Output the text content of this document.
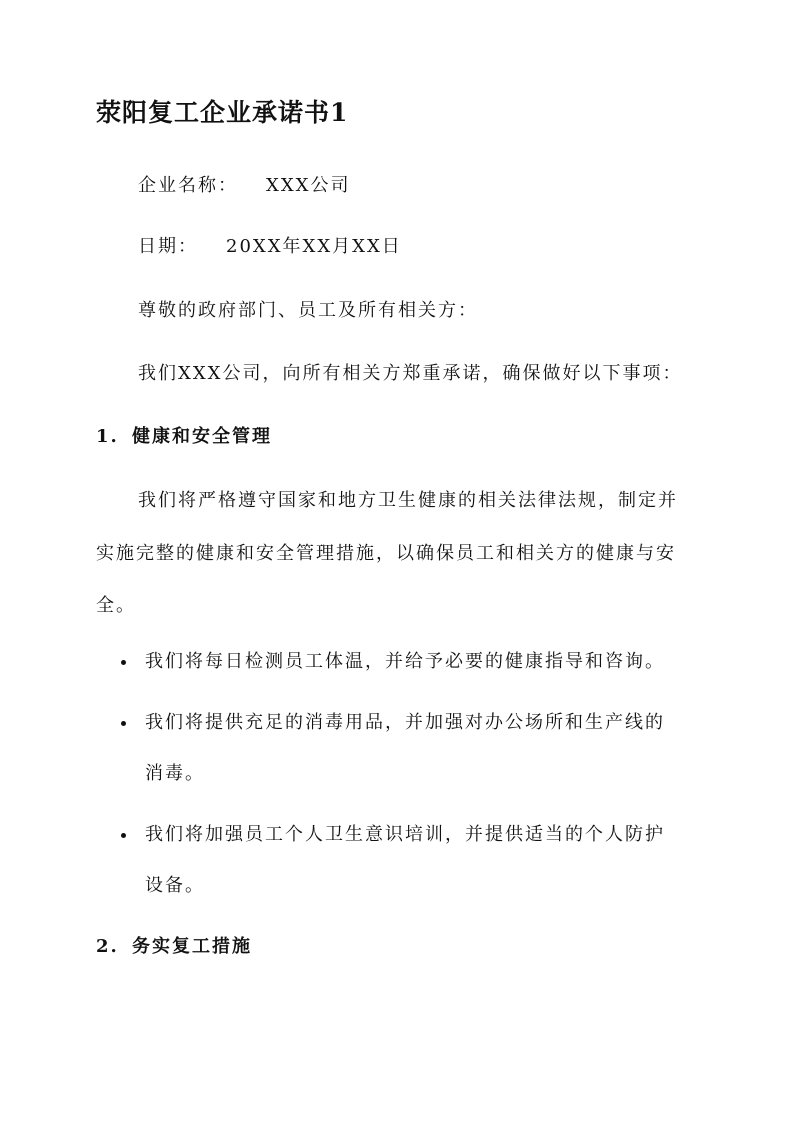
荥阳复工企业承诺书1
企业名称： XXX公司
日期： 20XX年XX月XX日
尊敬的政府部门、员工及所有相关方：
我们XXX公司，向所有相关方郑重承诺，确保做好以下事项：
1. 健康和安全管理
我们将严格遵守国家和地方卫生健康的相关法律法规，制定并
实施完整的健康和安全管理措施，以确保员工和相关方的健康与安
全。
我们将每日检测员工体温，并给予必要的健康指导和咨询。
我们将提供充足的消毒用品，并加强对办公场所和生产线的
消毒。
我们将加强员工个人卫生意识培训，并提供适当的个人防护
设备。
2. 务实复工措施
